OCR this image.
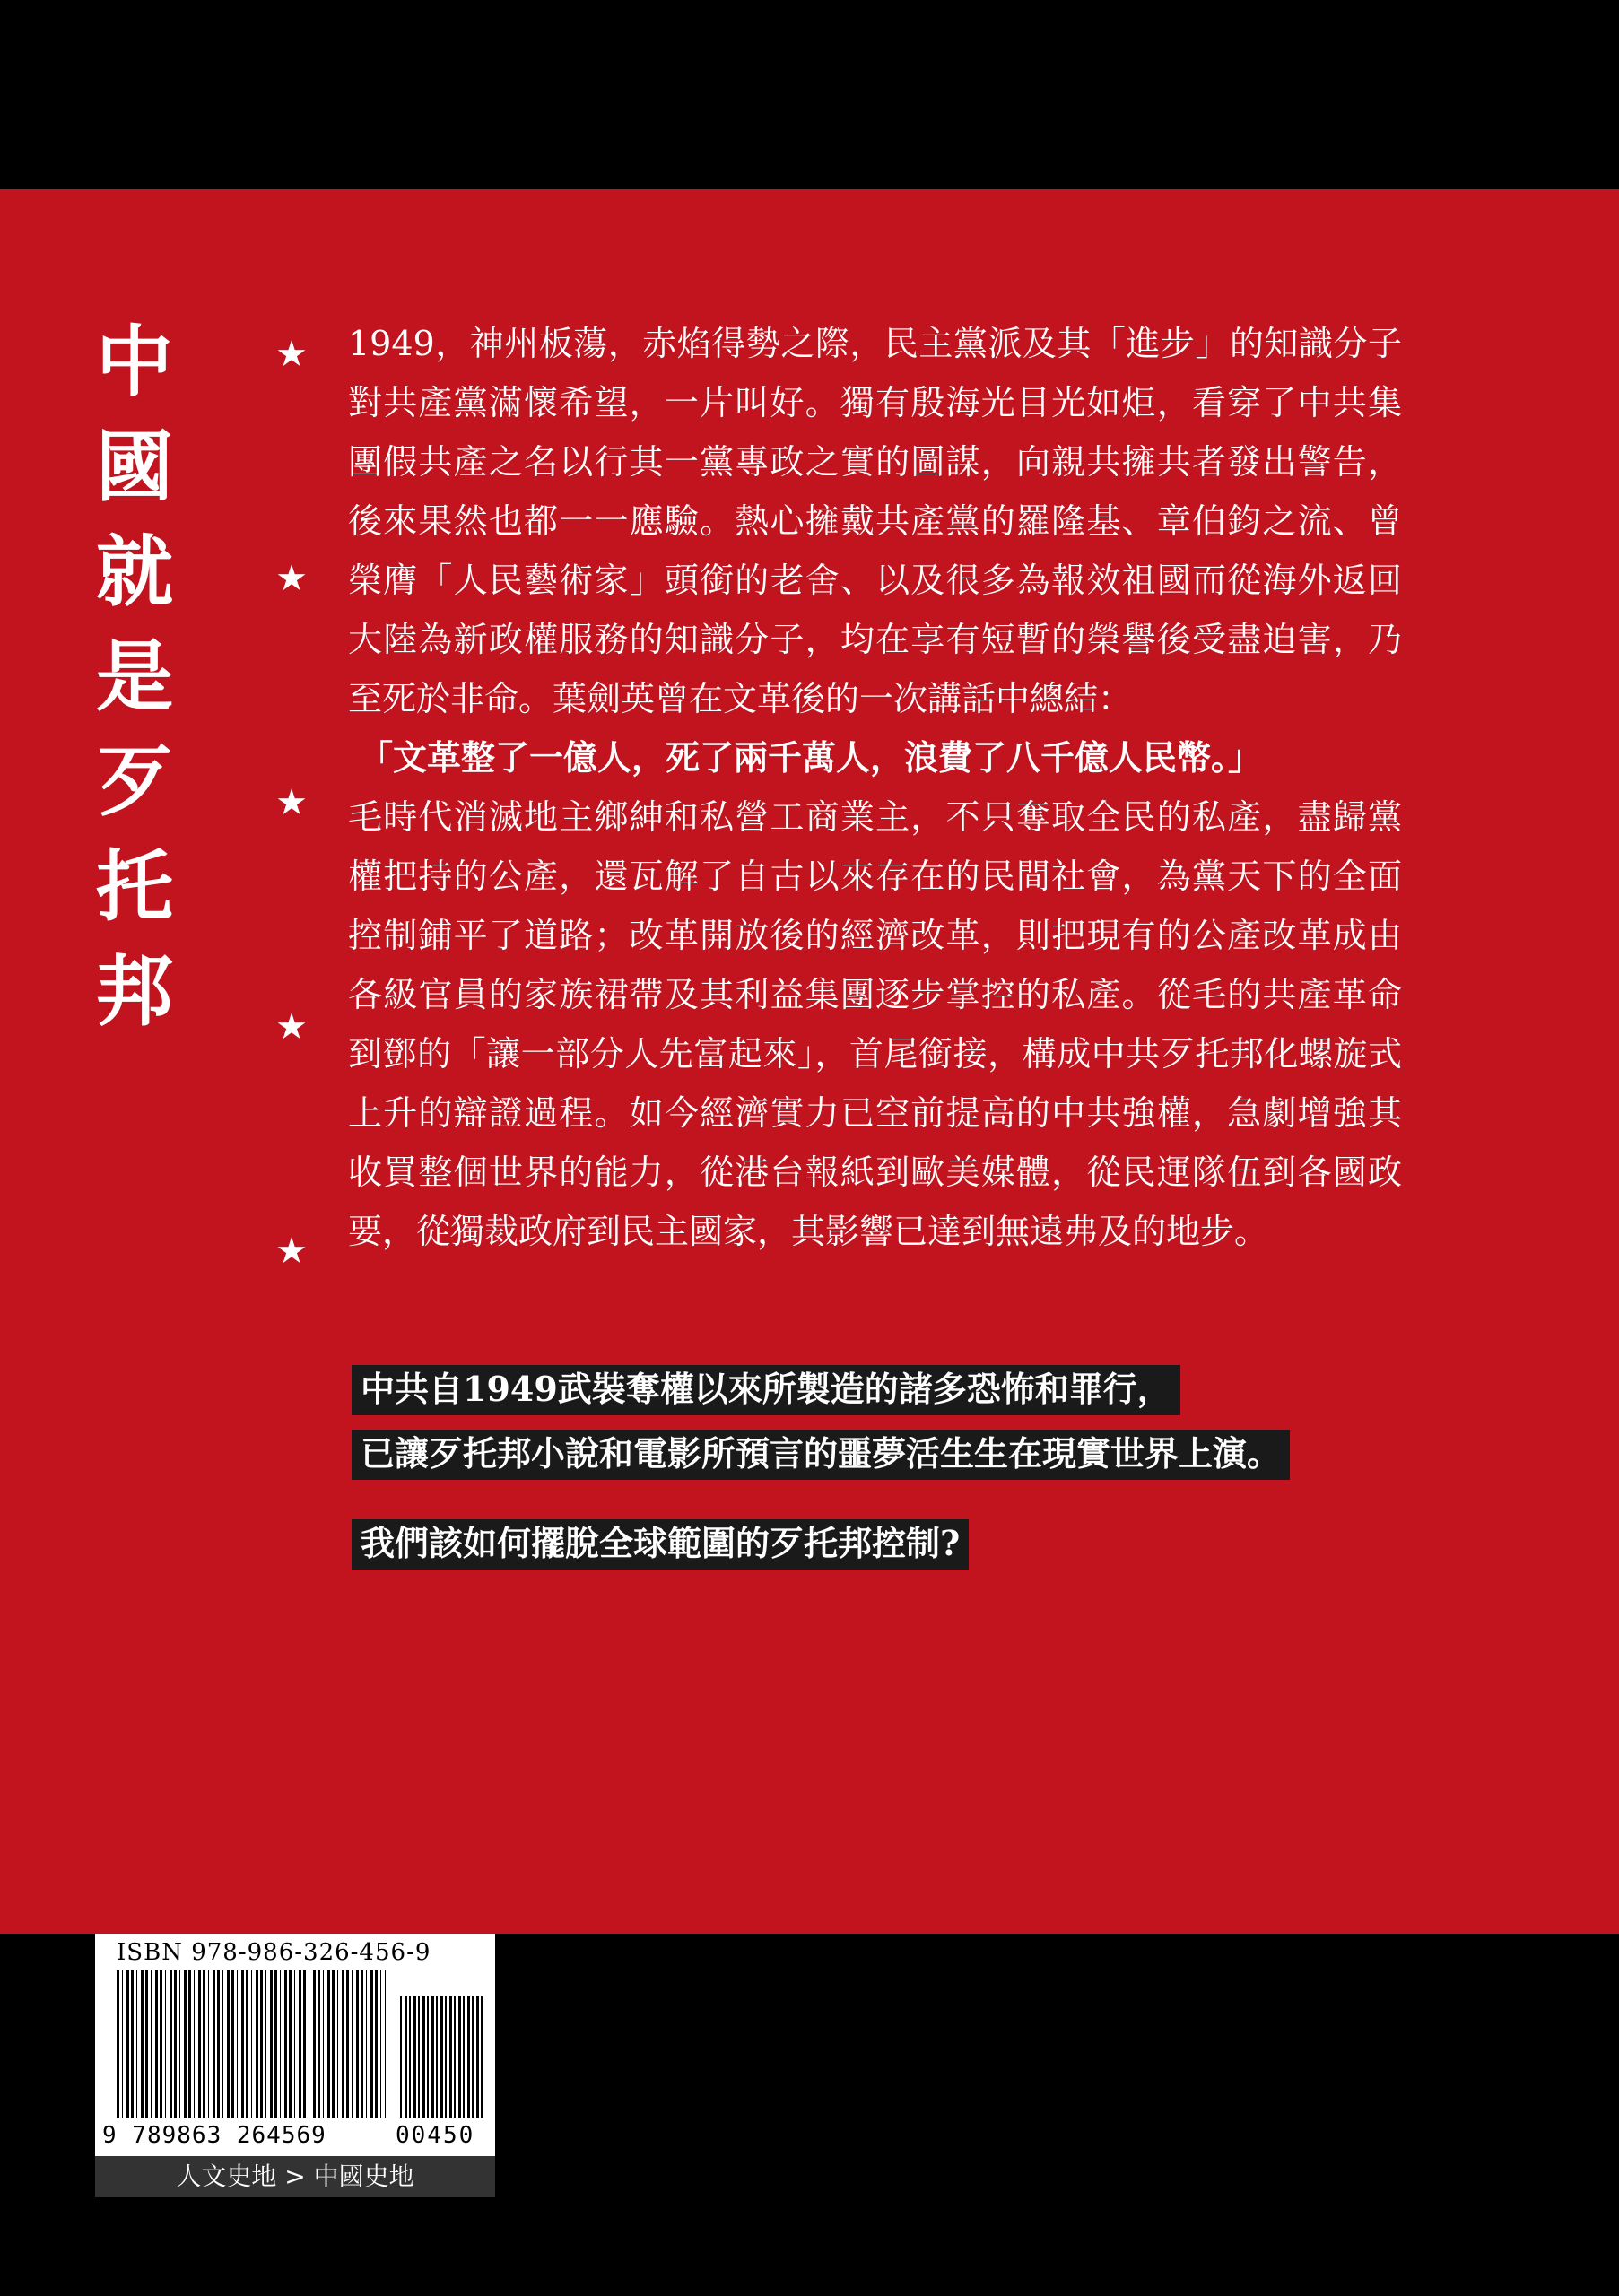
中
國
就
是
歹
托
邦
★
★
★
★
★

1949，神州板蕩，赤焰得勢之際，民主黨派及其「進步」的知識分子對共產黨滿懷希望，一片叫好。獨有殷海光目光如炬，看穿了中共集團假共產之名以行其一黨專政之實的圖謀，向親共擁共者發出警告，後來果然也都一一應驗。熱心擁戴共產黨的羅隆基、章伯鈞之流、曾榮膺「人民藝術家」頭銜的老舍、以及很多為報效祖國而從海外返回大陸為新政權服務的知識分子，均在享有短暫的榮譽後受盡迫害，乃至死於非命。葉劍英曾在文革後的一次講話中總結：

「文革整了一億人，死了兩千萬人，浪費了八千億人民幣。」

毛時代消滅地主鄉紳和私營工商業主，不只奪取全民的私產，盡歸黨權把持的公產，還瓦解了自古以來存在的民間社會，為黨天下的全面控制鋪平了道路；改革開放後的經濟改革，則把現有的公產改革成由各級官員的家族裙帶及其利益集團逐步掌控的私產。從毛的共產革命到鄧的「讓一部分人先富起來」，首尾銜接，構成中共歹托邦化螺旋式上升的辯證過程。如今經濟實力已空前提高的中共強權，急劇增強其收買整個世界的能力，從港台報紙到歐美媒體，從民運隊伍到各國政要，從獨裁政府到民主國家，其影響已達到無遠弗及的地步。

中共自1949武裝奪權以來所製造的諸多恐怖和罪行，
已讓歹托邦小說和電影所預言的噩夢活生生在現實世界上演。
我們該如何擺脫全球範圍的歹托邦控制?
ISBN 978-986-326-456-9
9 789863 264569	00450
人文史地 > 中國史地
